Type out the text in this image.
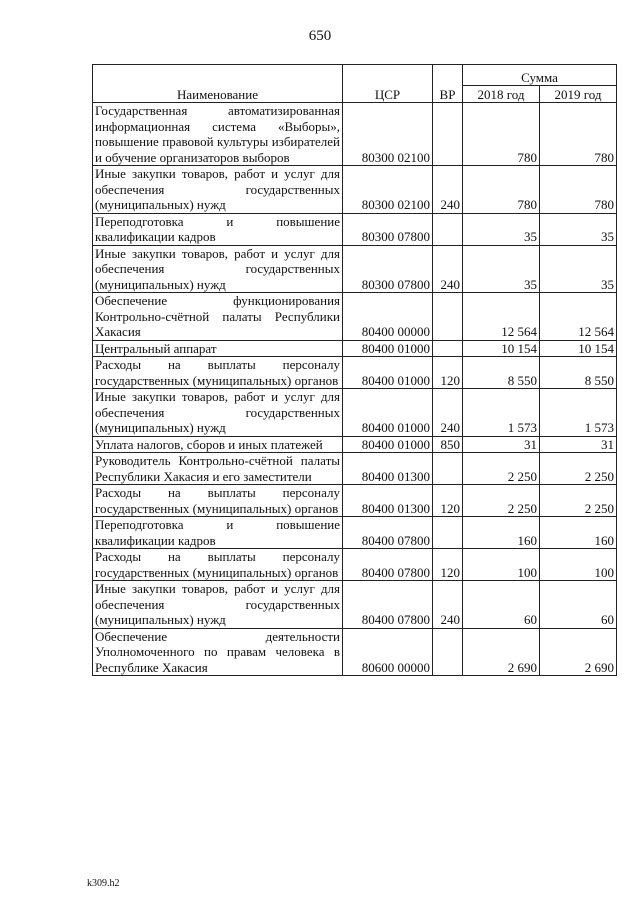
650
Наименование	ЦСР	ВР	Сумма	
			2018 год	2019 год
Государственная автоматизированная информационная система «Выборы», повышение правовой культуры избирателей и обучение организаторов выборов	80300 02100		780	780
Иные закупки товаров, работ и услуг для обеспечения государственных (муниципальных) нужд	80300 02100	240	780	780
Переподготовка и повышение квалификации кадров	80300 07800		35	35
Иные закупки товаров, работ и услуг для обеспечения государственных (муниципальных) нужд	80300 07800	240	35	35
Обеспечение функционирования Контрольно-счётной палаты Республики Хакасия	80400 00000		12 564	12 564
Центральный аппарат	80400 01000		10 154	10 154
Расходы на выплаты персоналу государственных (муниципальных) органов	80400 01000	120	8 550	8 550
Иные закупки товаров, работ и услуг для обеспечения государственных (муниципальных) нужд	80400 01000	240	1 573	1 573
Уплата налогов, сборов и иных платежей	80400 01000	850	31	31
Руководитель Контрольно-счётной палаты Республики Хакасия и его заместители	80400 01300		2 250	2 250
Расходы на выплаты персоналу государственных (муниципальных) органов	80400 01300	120	2 250	2 250
Переподготовка и повышение квалификации кадров	80400 07800		160	160
Расходы на выплаты персоналу государственных (муниципальных) органов	80400 07800	120	100	100
Иные закупки товаров, работ и услуг для обеспечения государственных (муниципальных) нужд	80400 07800	240	60	60
Обеспечение деятельности Уполномоченного по правам человека в Республике Хакасия	80600 00000		2 690	2 690
k309.h2
